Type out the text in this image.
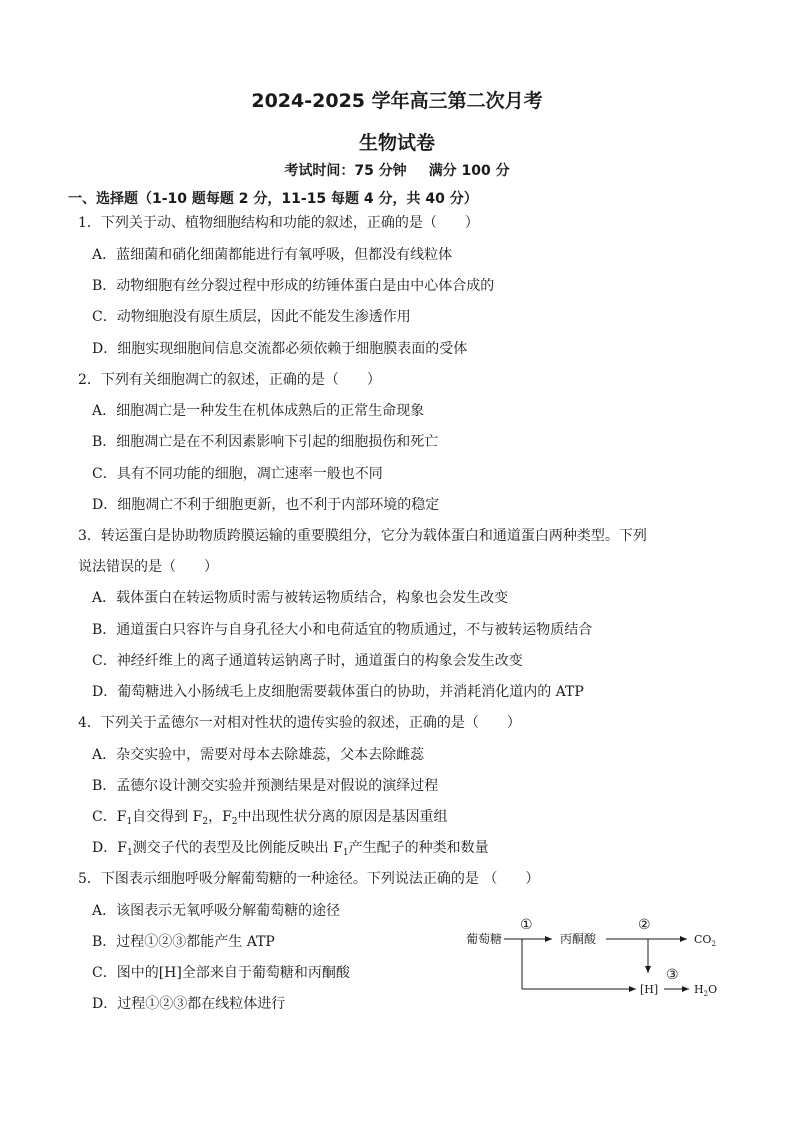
2024-2025 学年高三第二次月考
生物试卷
考试时间：75 分钟 满分 100 分
一、选择题（1-10 题每题 2 分，11-15 每题 4 分，共 40 分）
1．下列关于动、植物细胞结构和功能的叙述，正确的是（　　）
A．蓝细菌和硝化细菌都能进行有氧呼吸，但都没有线粒体
B．动物细胞有丝分裂过程中形成的纺锤体蛋白是由中心体合成的
C．动物细胞没有原生质层，因此不能发生渗透作用
D．细胞实现细胞间信息交流都必须依赖于细胞膜表面的受体
2．下列有关细胞凋亡的叙述，正确的是（　　）
A．细胞凋亡是一种发生在机体成熟后的正常生命现象
B．细胞凋亡是在不利因素影响下引起的细胞损伤和死亡
C．具有不同功能的细胞，凋亡速率一般也不同
D．细胞凋亡不利于细胞更新，也不利于内部环境的稳定
3．转运蛋白是协助物质跨膜运输的重要膜组分，它分为载体蛋白和通道蛋白两种类型。下列
说法错误的是（　　）
A．载体蛋白在转运物质时需与被转运物质结合，构象也会发生改变
B．通道蛋白只容许与自身孔径大小和电荷适宜的物质通过，不与被转运物质结合
C．神经纤维上的离子通道转运钠离子时，通道蛋白的构象会发生改变
D．葡萄糖进入小肠绒毛上皮细胞需要载体蛋白的协助，并消耗消化道内的 ATP
4．下列关于孟德尔一对相对性状的遗传实验的叙述，正确的是（　　）
A．杂交实验中，需要对母本去除雄蕊，父本去除雌蕊
B．孟德尔设计测交实验并预测结果是对假说的演绎过程
C．$F_1$自交得到 $F_2$，$F_2$中出现性状分离的原因是基因重组
D．$F_1$测交子代的表型及比例能反映出 $F_1$产生配子的种类和数量
5．下图表示细胞呼吸分解葡萄糖的一种途径。下列说法正确的是 （　　）
A．该图表示无氧呼吸分解葡萄糖的途径
B．过程①②③都能产生 ATP
C．图中的[H]全部来自于葡萄糖和丙酮酸
D．过程①②③都在线粒体进行
葡萄糖
①
丙酮酸
②
$CO_2$
[H]
③
$H_2O$
